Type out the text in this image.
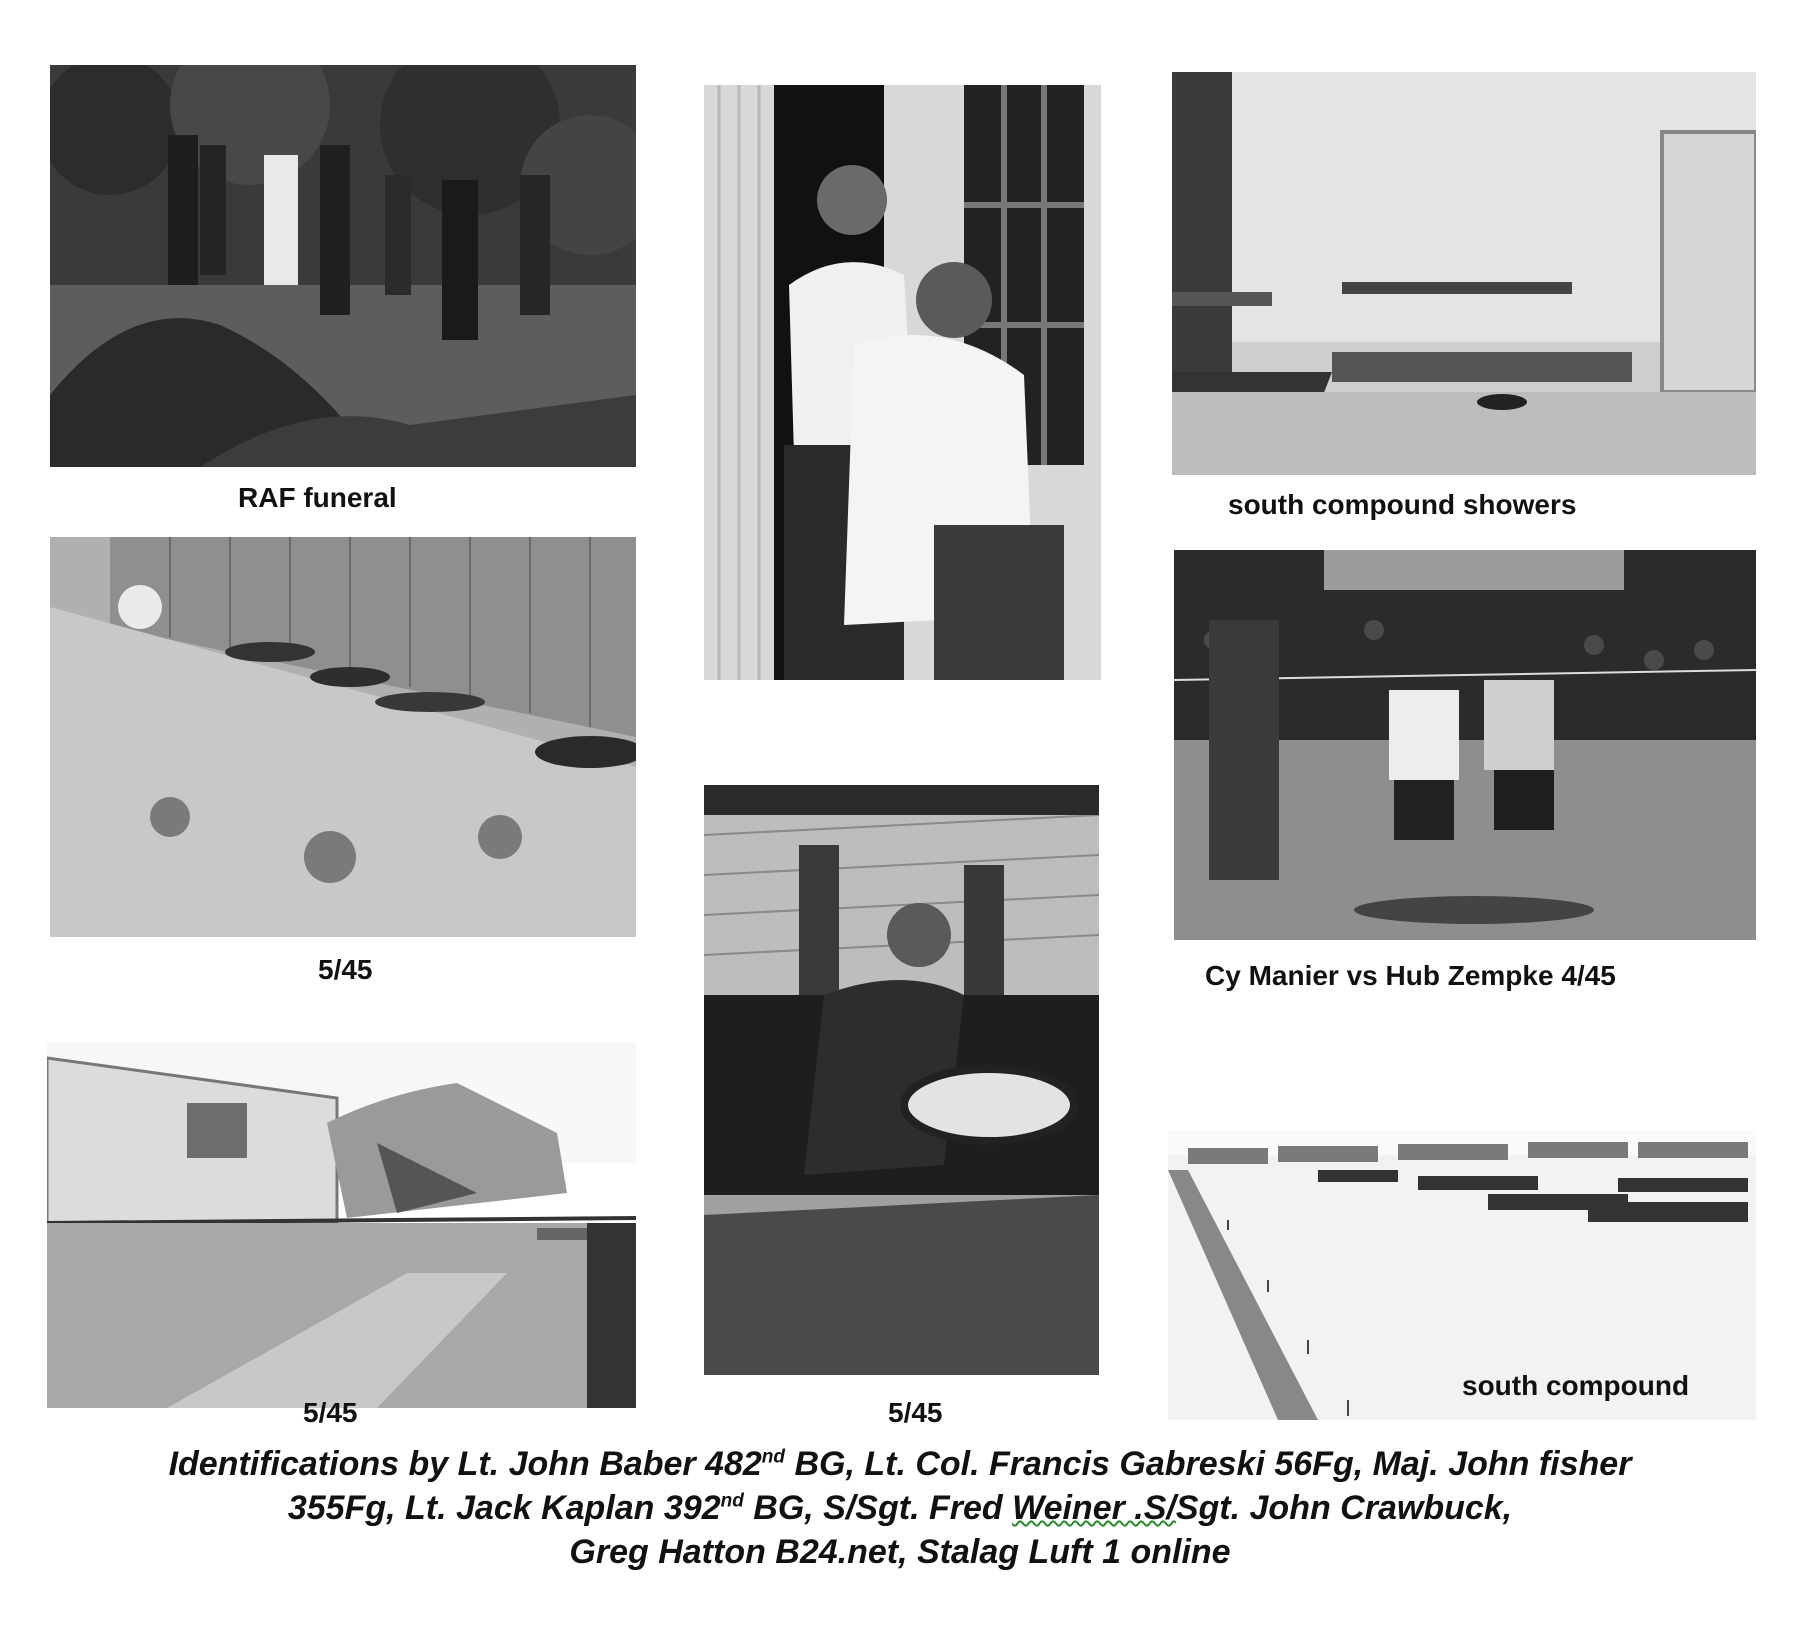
RAF funeral	south compound showers
5/45	Cy Manier vs Hub Zempke 4/45
5/45	5/45
south compound
Identifications by Lt. John Baber 482nd BG, Lt. Col. Francis Gabreski 56Fg, Maj. John fisher
355Fg, Lt. Jack Kaplan 392nd BG, S/Sgt. Fred Weiner .S/Sgt. John Crawbuck,
Greg Hatton B24.net, Stalag Luft 1 online
